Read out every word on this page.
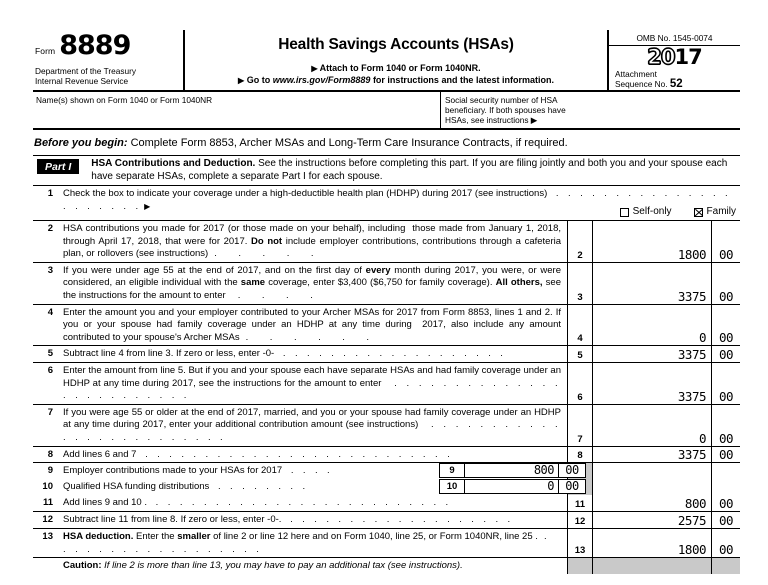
Form 8889
Department of the Treasury
Internal Revenue Service
Health Savings Accounts (HSAs)
▶ Attach to Form 1040 or Form 1040NR.
▶ Go to www.irs.gov/Form8889 for instructions and the latest information.
OMB No. 1545-0074
2017
Attachment
Sequence No. 52
Name(s) shown on Form 1040 or Form 1040NR	Social security number of HSA
beneficiary. If both spouses have
HSAs, see instructions ▶
Before you begin: Complete Form 8853, Archer MSAs and Long-Term Care Insurance Contracts, if required.
Part I	HSA Contributions and Deduction. See the instructions before completing this part. If you are filing jointly and both you and your spouse each have separate HSAs, complete a separate Part I for each spouse.
1	Check the box to indicate your coverage under a high-deductible health plan (HDHP) during 2017 (see instructions)  . . . . . . . . . . . . . . . . . . . . . . ▶
Self-only	Family
2	HSA contributions you made for 2017 (or those made on your behalf), including  those made from January 1, 2018, through April 17, 2018, that were for 2017. Do not include employer contributions, contributions through a cafeteria plan, or rollovers (see instructions) .   .   .   .   .	2	1800	00
3	If you were under age 55 at the end of 2017, and on the first day of every month during 2017, you were, or were considered, an eligible individual with the same coverage, enter $3,400 ($6,750 for family coverage). All others, see the instructions for the amount to enter  .   .   .   .	3	3375	00
4	Enter the amount you and your employer contributed to your Archer MSAs for 2017 from Form 8853, lines 1 and 2. If you or your spouse had family coverage under an HDHP at any time during  2017, also include any amount contributed to your spouse's Archer MSAs .   .   .   .   .   .	4	0	00
5	Subtract line 4 from line 3. If zero or less, enter -0-  . . . . . . . . . . . . . . . . . . .	5	3375	00
6	Enter the amount from line 5. But if you and your spouse each have separate HSAs and had family coverage under an HDHP at any time during 2017, see the instructions for the amount to enter  . . . . . . . . . . . . . . . . . . . . . . . . .	6	3375	00
7	If you were age 55 or older at the end of 2017, married, and you or your spouse had family coverage under an HDHP at any time during 2017, enter your additional contribution amount (see instructions)  . . . . . . . . . . . . . . . . . . . . . . . . .	7	0	00
8	Add lines 6 and 7  . . . . . . . . . . . . . . . . . . . . . . . . . .	8	3375	00
9	Employer contributions made to your HSAs for 2017  . . . .	9	800 00
10	Qualified HSA funding distributions  . . . . . . . .	10	0 00
11	Add lines 9 and 10 .  . . . . . . . . . . . . . . . . . . . . . . . . .	11	800	00
12	Subtract line 11 from line 8. If zero or less, enter -0-.  . . . . . . . . . . . . . . . . . . .	12	2575	00
13	HSA deduction. Enter the smaller of line 2 or line 12 here and on Form 1040, line 25, or Form 1040NR, line 25 . . . . . . . . . . . . . . . . . . .	13	1800	00
Caution: If line 2 is more than line 13, you may have to pay an additional tax (see instructions).
